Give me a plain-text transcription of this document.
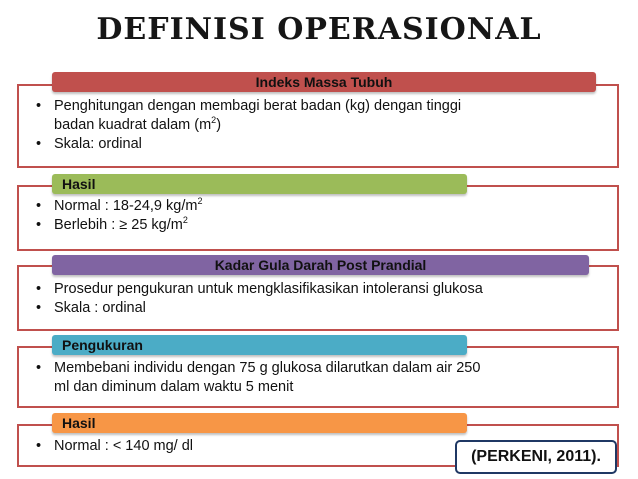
DEFINISI OPERASIONAL
Indeks Massa Tubuh
• Penghitungan dengan membagi berat badan (kg) dengan tinggi
badan kuadrat dalam $(m^2)$
• Skala: ordinal
Hasil
• Normal : 18-24,9 $kg/m^2$
• Berlebih : ≥ 25 $kg/m^2$
Kadar Gula Darah Post Prandial
• Prosedur pengukuran untuk mengklasifikasikan intoleransi glukosa
• Skala : ordinal
Pengukuran
• Membebani individu dengan 75 g glukosa dilarutkan dalam air 250
ml dan diminum dalam waktu 5 menit
Hasil
• Normal : < 140 mg/ dl
(PERKENI, 2011).
